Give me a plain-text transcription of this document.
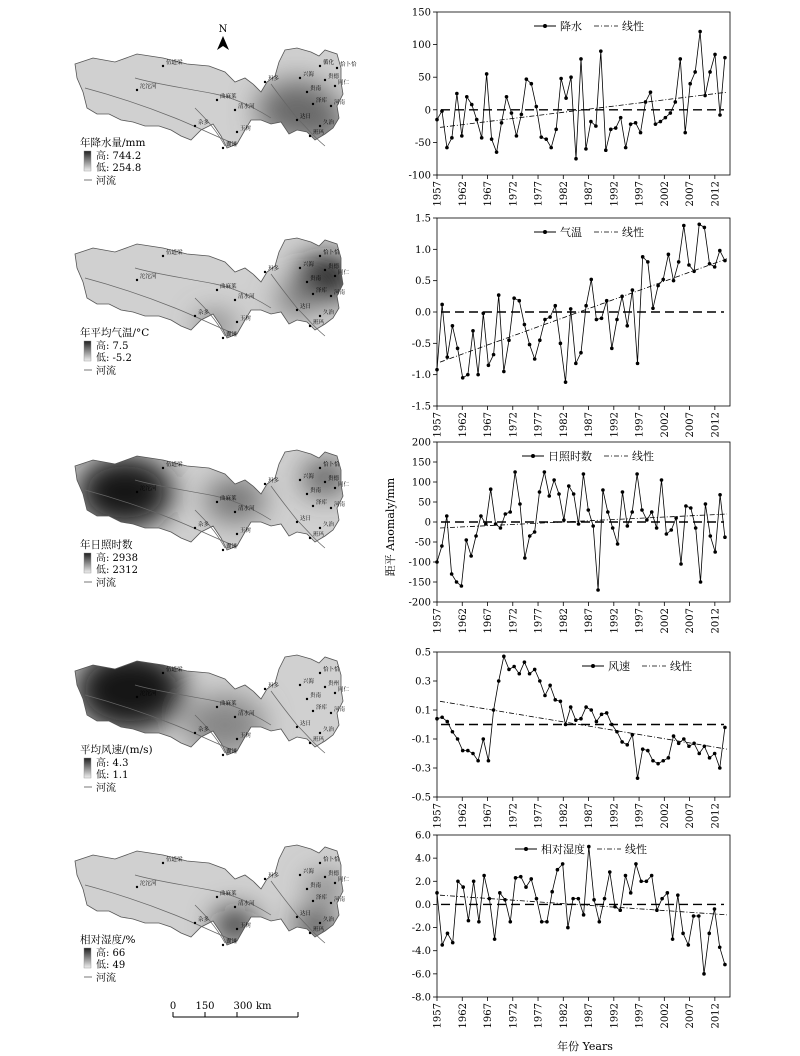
N
伍道梁
沱沱河
曲麻莱
清水河
杂多
玉树
囊谦
玛多
达日
久治
班玛
兴海
贵南
同仁
河南
泽库
循化
贵德
恰卜恰
年降水量/mm
高: 744.2
低: 254.8
河流
伍道梁
沱沱河
曲麻莱
清水河
杂多
玉树
囊谦
玛多
达日
久治
班玛
兴海
贵南
同仁
河南
泽库
恰卜恰
贵德
年平均气温/°C
高: 7.5
低: -5.2
河流
伍道梁
沱沱河
曲麻莱
清水河
杂多
玉树
囊谦
玛多
达日
久治
班玛
兴海
贵南
同仁
河南
泽库
恰卜恰
贵德
年日照时数
高: 2938
低: 2312
河流
伍道梁
沱沱河
曲麻莱
清水河
杂多
玉树
囊谦
玛多
达日
久治
班玛
兴海
贵南
同仁
河南
泽库
恰卜恰
贵州
平均风速/(m/s)
高: 4.3
低: 1.1
河流
伍道梁
沱沱河
曲麻莱
清水河
杂多
玉树
囊谦
玛多
达日
久治
班玛
兴海
贵南
同仁
河南
泽库
恰卜恰
贵德
相对湿度/%
高: 66
低: 49
河流
0 150 300 km
-100
-50
0
50
100
150
1957 1962 1967 1972 1977 1982 1987 1992 1997 2002 2007 2012
降水	线性
-1.5
-1.0
-0.5
0.0
0.5
1.0
1.5
1957 1962 1967 1972 1977 1982 1987 1992 1997 2002 2007 2012
气温	线性
-200
-150
-100
-50
0
50
100
150
200
1957 1962 1967 1972 1977 1982 1987 1992 1997 2002 2007 2012
日照时数	线性
-0.5
-0.3
-0.1
0.1
0.3
0.5
1957 1962 1967 1972 1977 1982 1987 1992 1997 2002 2007 2012
风速	线性
-8.0
-6.0
-4.0
-2.0
0.0
2.0
4.0
6.0
1957 1962 1967 1972 1977 1982 1987 1992 1997 2002 2007 2012
相对湿度	线性
距平 Anomaly/mm
年份 Years
